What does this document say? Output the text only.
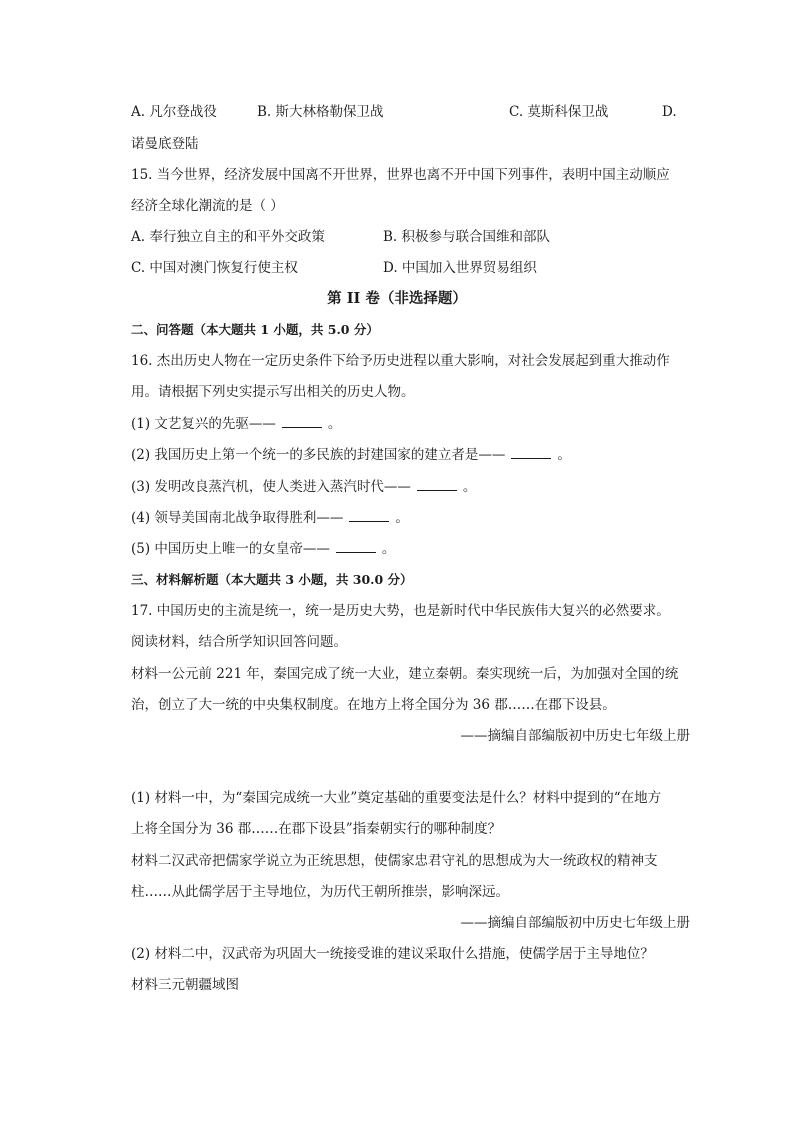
A. 凡尔登战役	B. 斯大林格勒保卫战	C. 莫斯科保卫战	D.
诺曼底登陆
15. 当今世界，经济发展中国离不开世界，世界也离不开中国下列事件，表明中国主动顺应
经济全球化潮流的是（ ）
A. 奉行独立自主的和平外交政策	B. 积极参与联合国维和部队
C. 中国对澳门恢复行使主权	D. 中国加入世界贸易组织
第 II 卷（非选择题）
二、问答题（本大题共 1 小题，共 5.0 分）
16. 杰出历史人物在一定历史条件下给予历史进程以重大影响，对社会发展起到重大推动作
用。请根据下列史实提示写出相关的历史人物。
(1) 文艺复兴的先驱——	。
(2) 我国历史上第一个统一的多民族的封建国家的建立者是——	。
(3) 发明改良蒸汽机，使人类进入蒸汽时代——	。
(4) 领导美国南北战争取得胜利——	。
(5) 中国历史上唯一的女皇帝——	。
三、材料解析题（本大题共 3 小题，共 30.0 分）
17. 中国历史的主流是统一，统一是历史大势，也是新时代中华民族伟大复兴的必然要求。
阅读材料，结合所学知识回答问题。
材料一公元前 221 年，秦国完成了统一大业，建立秦朝。秦实现统一后，为加强对全国的统
治，创立了大一统的中央集权制度。在地方上将全国分为 36 郡……在郡下设县。
——摘编自部编版初中历史七年级上册
(1) 材料一中，为“秦国完成统一大业”奠定基础的重要变法是什么？材料中提到的“在地方
上将全国分为 36 郡……在郡下设县”指秦朝实行的哪种制度？
材料二汉武帝把儒家学说立为正统思想，使儒家忠君守礼的思想成为大一统政权的精神支
柱……从此儒学居于主导地位，为历代王朝所推崇，影响深远。
——摘编自部编版初中历史七年级上册
(2) 材料二中，汉武帝为巩固大一统接受谁的建议采取什么措施，使儒学居于主导地位？
材料三元朝疆域图
